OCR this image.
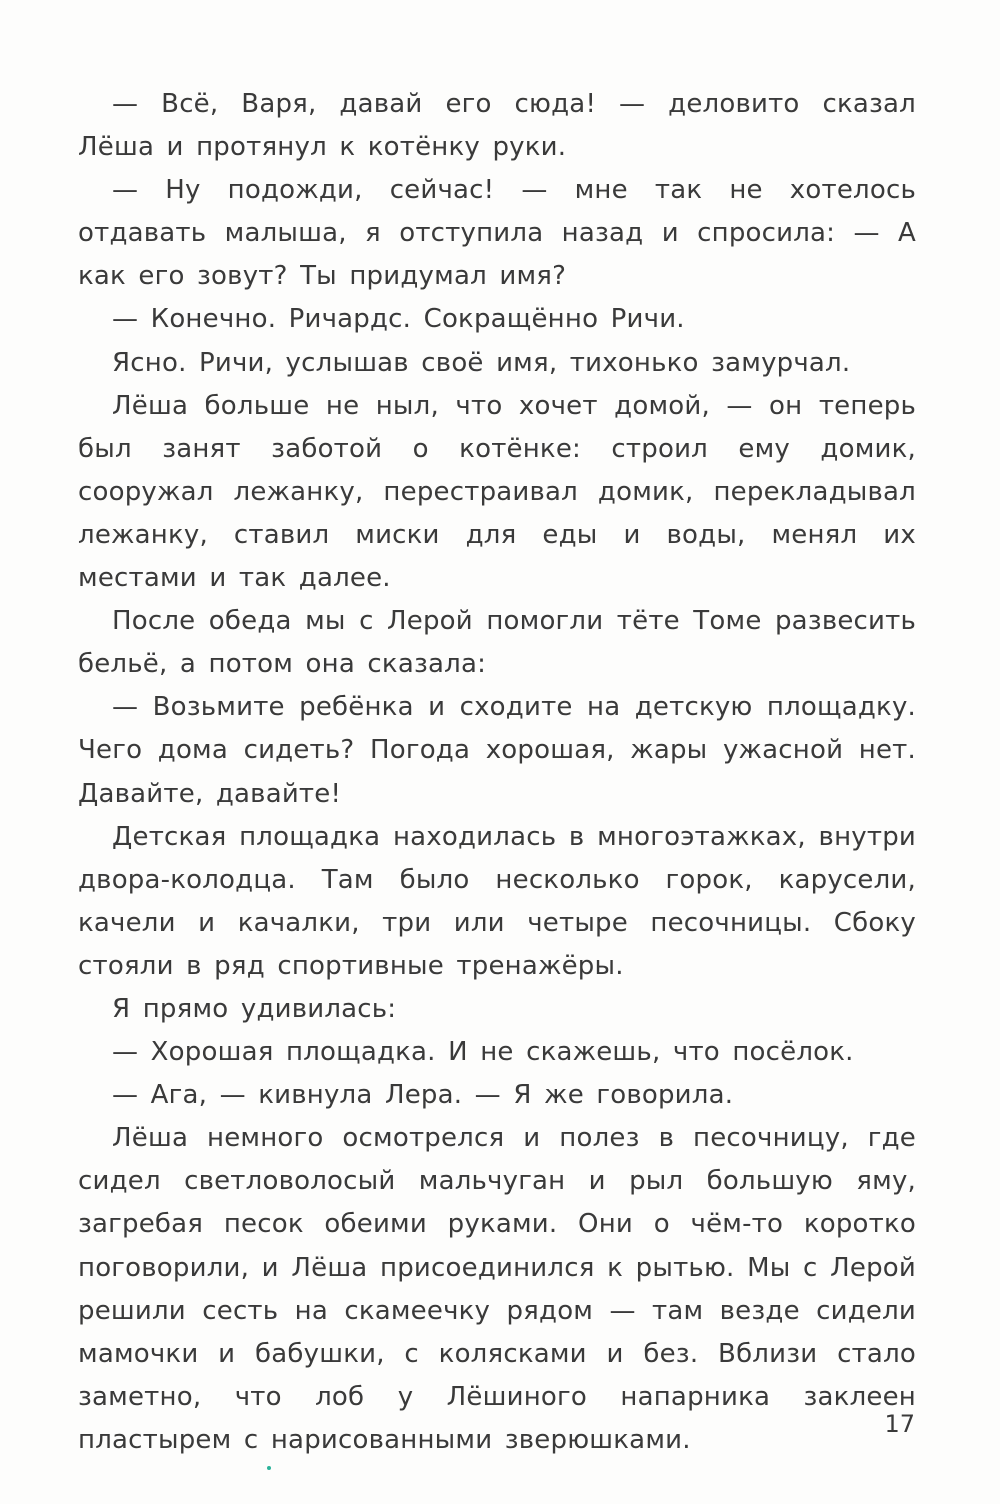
— Всё, Варя, давай его сюда! — деловито сказал Лёша и протянул к котёнку руки.

— Ну подожди, сейчас! — мне так не хотелось отдавать малыша, я отступила назад и спросила: — А как его зовут? Ты придумал имя?

— Конечно. Ричардс. Сокращённо Ричи.

Ясно. Ричи, услышав своё имя, тихонько замурчал.

Лёша больше не ныл, что хочет домой, — он теперь был занят заботой о котёнке: строил ему домик, сооружал лежанку, перестраивал домик, перекладывал лежанку, ставил миски для еды и воды, менял их местами и так далее.

После обеда мы с Лерой помогли тёте Томе развесить бельё, а потом она сказала:

— Возьмите ребёнка и сходите на детскую площадку. Чего дома сидеть? Погода хорошая, жары ужасной нет. Давайте, давайте!

Детская площадка находилась в многоэтажках, внутри двора-колодца. Там было несколько горок, карусели, качели и качалки, три или четыре песочницы. Сбоку стояли в ряд спортивные тренажёры.

Я прямо удивилась:

— Хорошая площадка. И не скажешь, что посёлок.

— Ага, — кивнула Лера. — Я же говорила.

Лёша немного осмотрелся и полез в песочницу, где сидел светловолосый мальчуган и рыл большую яму, загребая песок обеими руками. Они о чём-то коротко поговорили, и Лёша присоединился к рытью. Мы с Лерой решили сесть на скамеечку рядом — там везде сидели мамочки и бабушки, с колясками и без. Вблизи стало заметно, что лоб у Лёшиного напарника заклеен пластырем с нарисованными зверюшками.

17
